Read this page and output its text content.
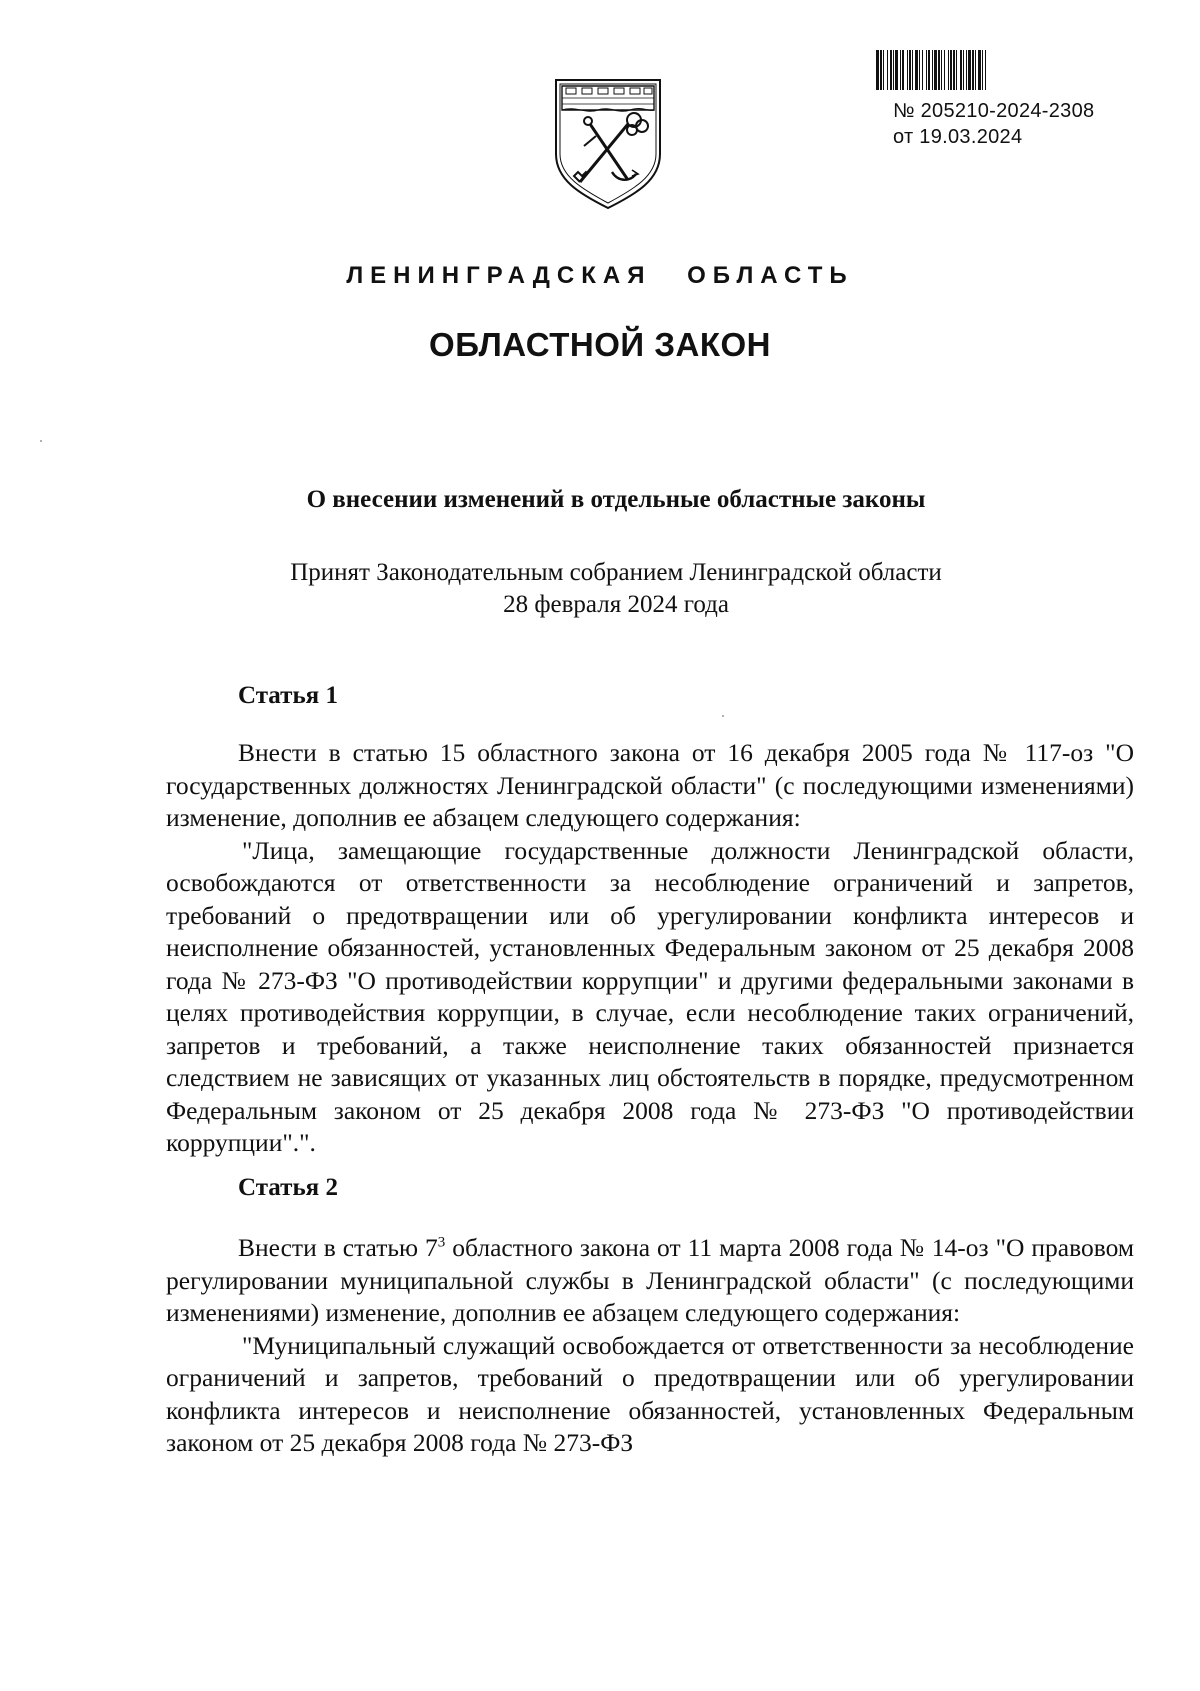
№ 205210-2024-2308
от 19.03.2024
ЛЕНИНГРАДСКАЯ ОБЛАСТЬ
ОБЛАСТНОЙ ЗАКОН
О внесении изменений в отдельные областные законы
Принят Законодательным собранием Ленинградской области
28 февраля 2024 года
Статья 1

Внести в статью 15 областного закона от 16 декабря 2005 года № 117-оз "О государственных должностях Ленинградской области" (с последующими изменениями) изменение, дополнив ее абзацем следующего содержания:

"Лица, замещающие государственные должности Ленинградской области, освобождаются от ответственности за несоблюдение ограничений и запретов, требований о предотвращении или об урегулировании конфликта интересов и неисполнение обязанностей, установленных Федеральным законом от 25 декабря 2008 года № 273-ФЗ "О противодействии коррупции" и другими федеральными законами в целях противодействия коррупции, в случае, если несоблюдение таких ограничений, запретов и требований, а также неисполнение таких обязанностей признается следствием не зависящих от указанных лиц обстоятельств в порядке, предусмотренном Федеральным законом от 25 декабря 2008 года № 273-ФЗ "О противодействии коррупции".".

Статья 2

Внести в статью $7^3$ областного закона от 11 марта 2008 года № 14-оз "О правовом регулировании муниципальной службы в Ленинградской области" (с последующими изменениями) изменение, дополнив ее абзацем следующего содержания:

"Муниципальный служащий освобождается от ответственности за несоблюдение ограничений и запретов, требований о предотвращении или об урегулировании конфликта интересов и неисполнение обязанностей, установленных Федеральным законом от 25 декабря 2008 года № 273-ФЗ
